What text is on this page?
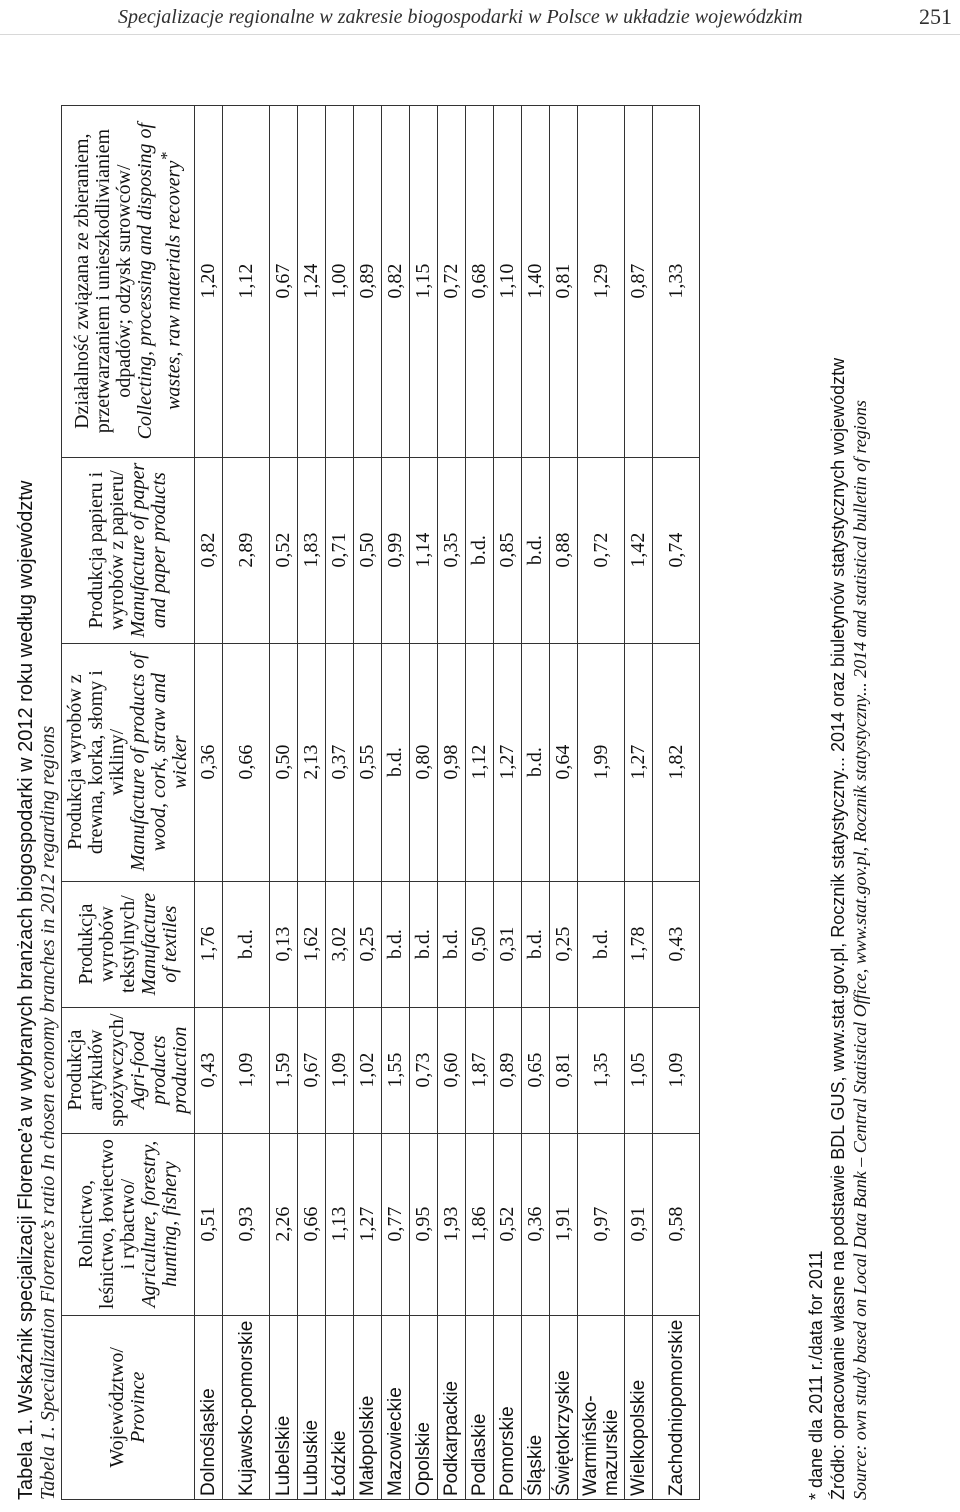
Specjalizacje regionalne w zakresie biogospodarki w Polsce w układzie wojewódzkim	251
Tabela 1. Wskaźnik specjalizacji Florence’a w wybranych branżach biogospodarki w 2012 roku według województw Tabela 1. Specialization Florence’s ratio In chosen economy branches in 2012 regarding regions Województwo/ Province	Rolnictwo, leśnictwo, łowiectwo i rybactwo/ Agriculture, forestry, hunting, fishery	Produkcja artykułów spożywczych/ Agri-food products production	Produkcja wyrobów tekstylnych/ Manufacture of textiles	Produkcja wyrobów z drewna, korka, słomy i wikliny/ Manufacture of products of wood, cork, straw and wicker	Produkcja papieru i wyrobów z papieru/ Manufacture of paper and paper products	Działalność związana ze zbieraniem, przetwarzaniem i unieszkodliwianiem odpadów; odzysk surowców/ Collecting, processing and disposing of wastes, raw materials recovery*

Dolnośląskie	0,51	0,43	1,76	0,36	0,82	1,20
Kujawsko-pomorskie	0,93	1,09	b.d.	0,66	2,89	1,12
Lubelskie	2,26	1,59	0,13	0,50	0,52	0,67
Lubuskie	0,66	0,67	1,62	2,13	1,83	1,24
Łódzkie	1,13	1,09	3,02	0,37	0,71	1,00
Małopolskie	1,27	1,02	0,25	0,55	0,50	0,89
Mazowieckie	0,77	1,55	b.d.	b.d.	0,99	0,82
Opolskie	0,95	0,73	b.d.	0,80	1,14	1,15
Podkarpackie	1,93	0,60	b.d.	0,98	0,35	0,72
Podlaskie	1,86	1,87	0,50	1,12	b.d.	0,68
Pomorskie	0,52	0,89	0,31	1,27	0,85	1,10
Śląskie	0,36	0,65	b.d.	b.d.	b.d.	1,40
Świętokrzyskie	1,91	0,81	0,25	0,64	0,88	0,81
Warmińsko-mazurskie	0,97	1,35	b.d.	1,99	0,72	1,29
Wielkopolskie	0,91	1,05	1,78	1,27	1,42	0,87
Zachodniopomorskie	0,58	1,09	0,43	1,82	0,74	1,33
* dane dla 2011 r./data for 2011 Źródło: opracowanie własne na podstawie BDL GUS, www.stat.gov.pl, Rocznik statystyczny... 2014 oraz biuletynów statystycznych województw Source: own study based on Local Data Bank – Central Statistical Office, www.stat.gov.pl, Rocznik statystyczny... 2014 and statistical bulletin of regions
